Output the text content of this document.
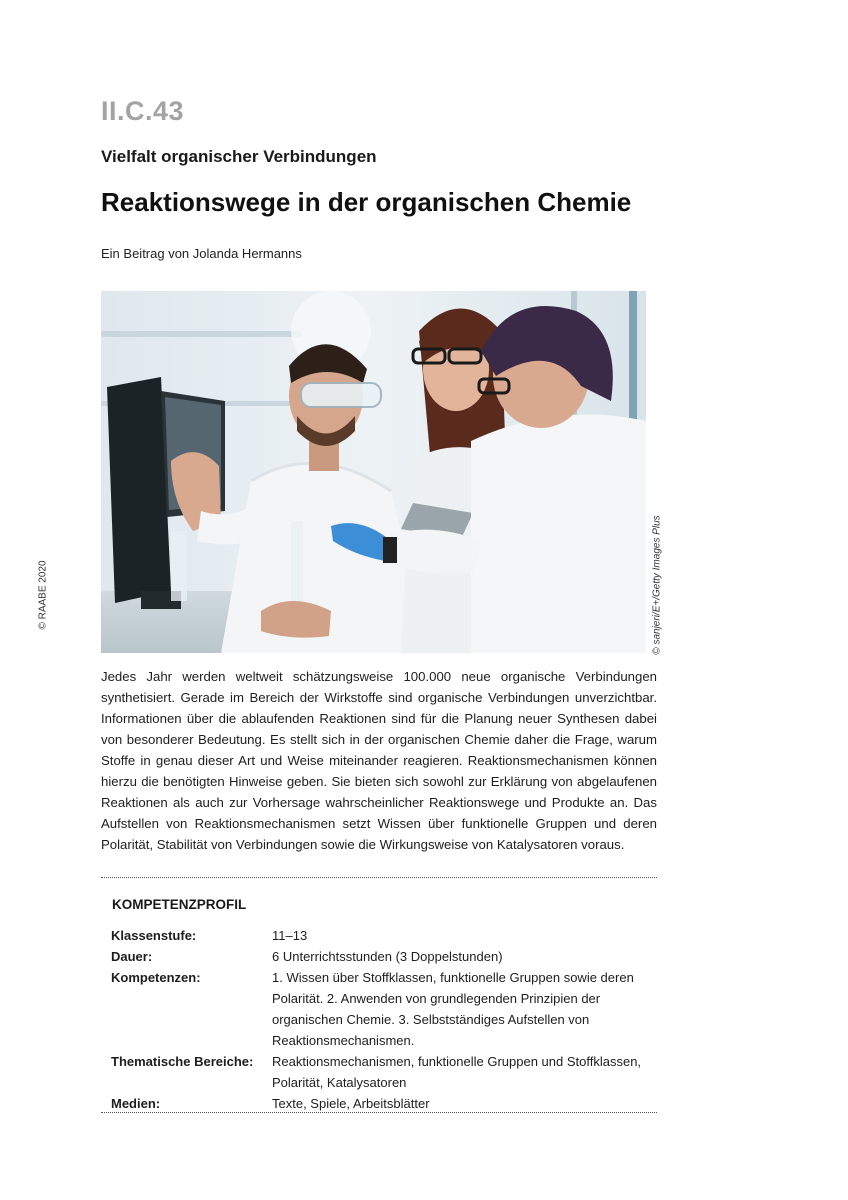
II.C.43
Vielfalt organischer Verbindungen
Reaktionswege in der organischen Chemie
Ein Beitrag von Jolanda Hermanns
© RAABE 2020	© sanjeri/E+/Getty Images Plus

Jedes Jahr werden weltweit schätzungsweise 100.000 neue organische Verbindungen synthetisiert. Gerade im Bereich der Wirkstoffe sind organische Verbindungen unverzichtbar. Informationen über die ablaufenden Reaktionen sind für die Planung neuer Synthesen dabei von besonderer Bedeutung. Es stellt sich in der organischen Chemie daher die Frage, warum Stoffe in genau dieser Art und Weise miteinander reagieren. Reaktionsmechanismen können hierzu die benötigten Hinweise geben. Sie bieten sich sowohl zur Erklärung von abgelaufenen Reaktionen als auch zur Vorhersage wahrscheinlicher Reaktionswege und Produkte an. Das Aufstellen von Reaktionsmechanismen setzt Wissen über funktionelle Gruppen und deren Polarität, Stabilität von Verbindungen sowie die Wirkungsweise von Katalysatoren voraus.

KOMPETENZPROFIL
Klassenstufe:	11–13
Dauer:	6 Unterrichtsstunden (3 Doppelstunden)
Kompetenzen:	1. Wissen über Stoffklassen, funktionelle Gruppen sowie deren Polarität. 2. Anwenden von grundlegenden Prinzipien der organischen Chemie. 3. Selbstständiges Aufstellen von Reaktionsmechanismen.
Thematische Bereiche:	Reaktionsmechanismen, funktionelle Gruppen und Stoffklassen, Polarität, Katalysatoren
Medien:	Texte, Spiele, Arbeitsblätter
